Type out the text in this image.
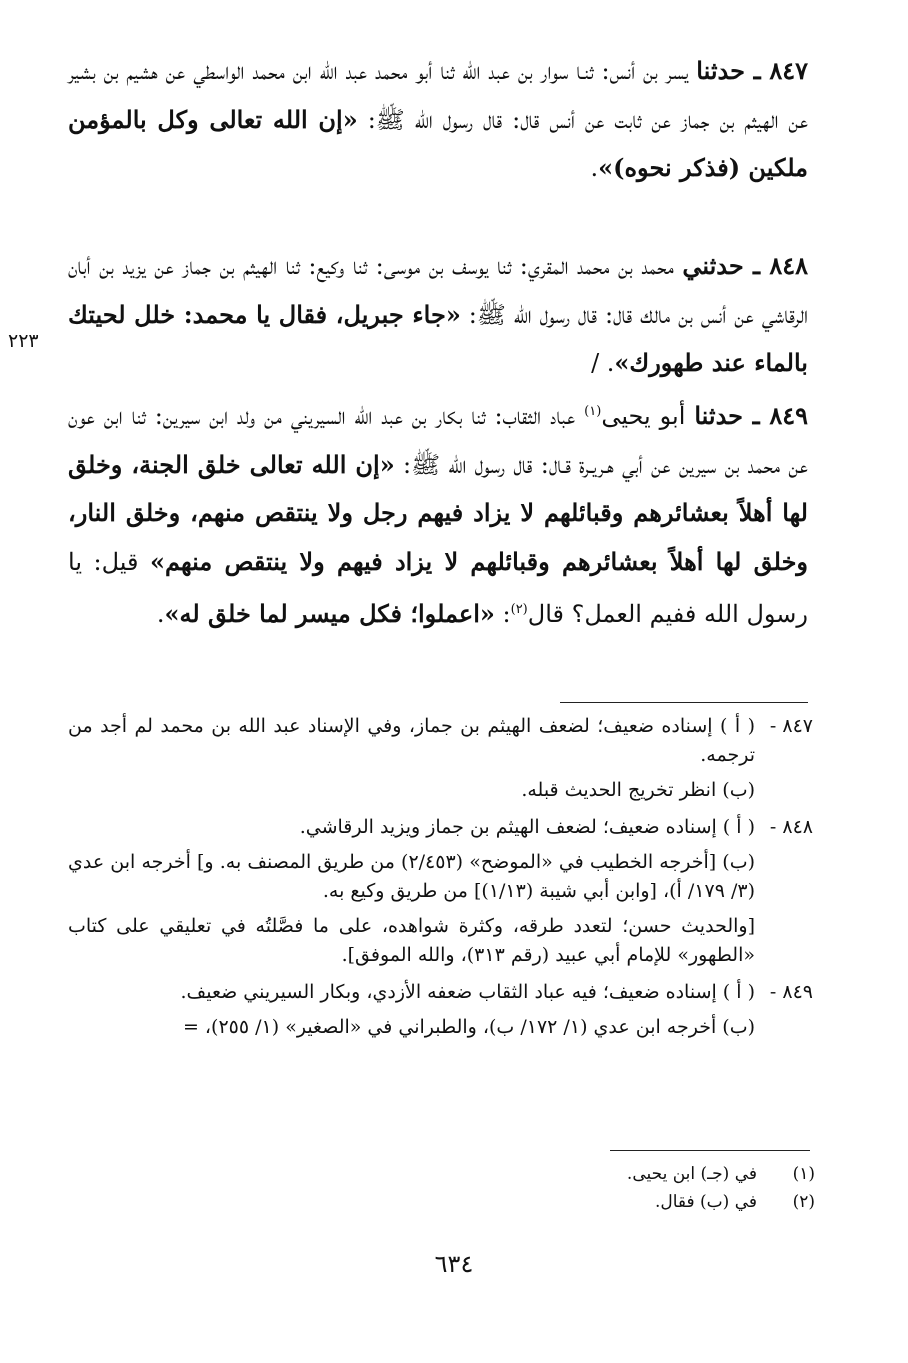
٨٤٧ ـ حدثنا يسر بن أنس: ثنـا سوار بن عبد الله ثنا أبو محمد عبد الله ابن محمد الواسطي عن هشيم بن بشير عن الهيثم بن جماز عن ثابت عن أنس قال: قال رسول الله ﷺ: «إن الله تعالى وكل بالمؤمن ملكين (فذكر نحوه)».
٨٤٨ ـ حدثني محمد بن محمد المقري: ثنا يوسف بن موسى: ثنا وكيع: ثنا الهيثم بن جماز عن يزيد بن أبان الرقاشي عن أنس بن مالك قال: قال رسول الله ﷺ: «جاء جبريل، فقال يا محمد: خلل لحيتك بالماء عند طهورك». /
٢٢٣
٨٤٩ ـ حدثنا أبو يحيى$^{(١)}$ عباد الثقاب: ثنا بكار بن عبد الله السيريني من ولد ابن سيرين: ثنا ابن عون عن محمد بن سيرين عن أبي هـريـرة قـال: قال رسول الله ﷺ: «إن الله تعالى خلق الجنة، وخلق لها أهلاً بعشائرهم وقبائلهم لا يزاد فيهم رجل ولا ينتقص منهم، وخلق النار، وخلق لها أهلاً بعشائرهم وقبائلهم لا يزاد فيهم ولا ينتقص منهم» قيل: يا رسول الله ففيم العمل؟ قال$^{(٢)}$: «اعملوا؛ فكل ميسر لما خلق له».
٨٤٧ -
( أ ) إسناده ضعيف؛ لضعف الهيثم بن جماز، وفي الإسناد عبد الله بن محمد لم أجد من ترجمه.
(ب) انظر تخريج الحديث قبله.
٨٤٨ -
( أ ) إسناده ضعيف؛ لضعف الهيثم بن جماز ويزيد الرقاشي.
(ب) [أخرجه الخطيب في «الموضح» (٢/٤٥٣) من طريق المصنف به. و] أخرجه ابن عدي (٣/ ١٧٩/ أ)، [وابن أبي شيبة (١/١٣)] من طريق وكيع به.
[والحديث حسن؛ لتعدد طرقه، وكثرة شواهده، على ما فصَّلتُه في تعليقي على كتاب «الطهور» للإمام أبي عبيد (رقم ٣١٣)، والله الموفق].
٨٤٩ -
( أ ) إسناده ضعيف؛ فيه عباد الثقاب ضعفه الأزدي، وبكار السيريني ضعيف.
(ب) أخرجه ابن عدي (١/ ١٧٢/ ب)، والطبراني في «الصغير» (١/ ٢٥٥)، =
(١)
في (جـ) ابن يحيى.
(٢)
في (ب) فقال.
٦٣٤
